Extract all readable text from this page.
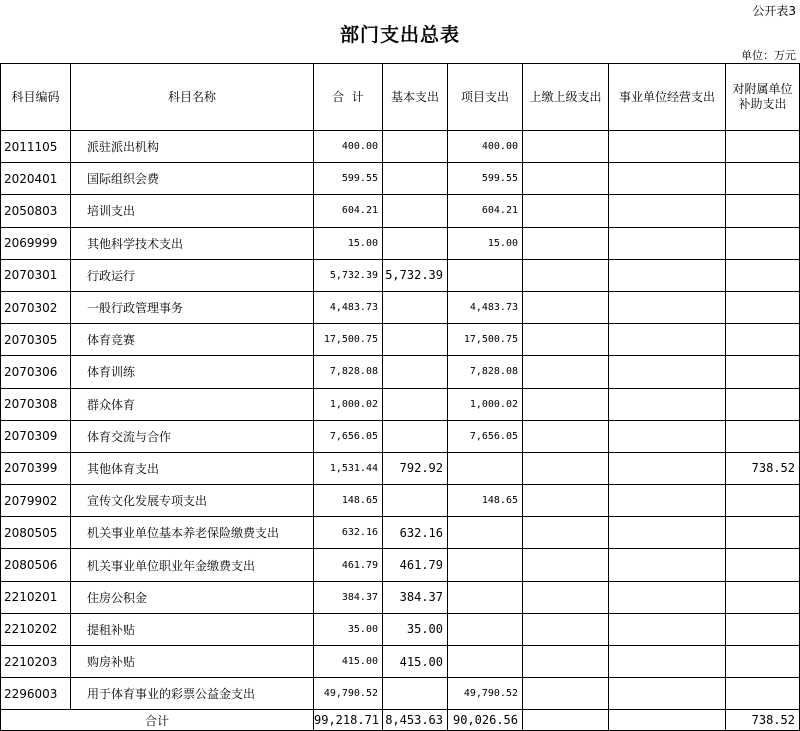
公开表3
部门支出总表
单位：万元
科目编码	科目名称	合  计	基本支出	项目支出	上缴上级支出	事业单位经营支出	对附属单位补助支出
2011105	派驻派出机构	400.00		400.00			
2020401	国际组织会费	599.55		599.55			
2050803	培训支出	604.21		604.21			
2069999	其他科学技术支出	15.00		15.00			
2070301	行政运行	5,732.39	5,732.39				
2070302	一般行政管理事务	4,483.73		4,483.73			
2070305	体育竞赛	17,500.75		17,500.75			
2070306	体育训练	7,828.08		7,828.08			
2070308	群众体育	1,000.02		1,000.02			
2070309	体育交流与合作	7,656.05		7,656.05			
2070399	其他体育支出	1,531.44	792.92				738.52
2079902	宣传文化发展专项支出	148.65		148.65			
2080505	机关事业单位基本养老保险缴费支出	632.16	632.16				
2080506	机关事业单位职业年金缴费支出	461.79	461.79				
2210201	住房公积金	384.37	384.37				
2210202	提租补贴	35.00	35.00				
2210203	购房补贴	415.00	415.00				
2296003	用于体育事业的彩票公益金支出	49,790.52		49,790.52			
合计		99,218.71	8,453.63	90,026.56			738.52
